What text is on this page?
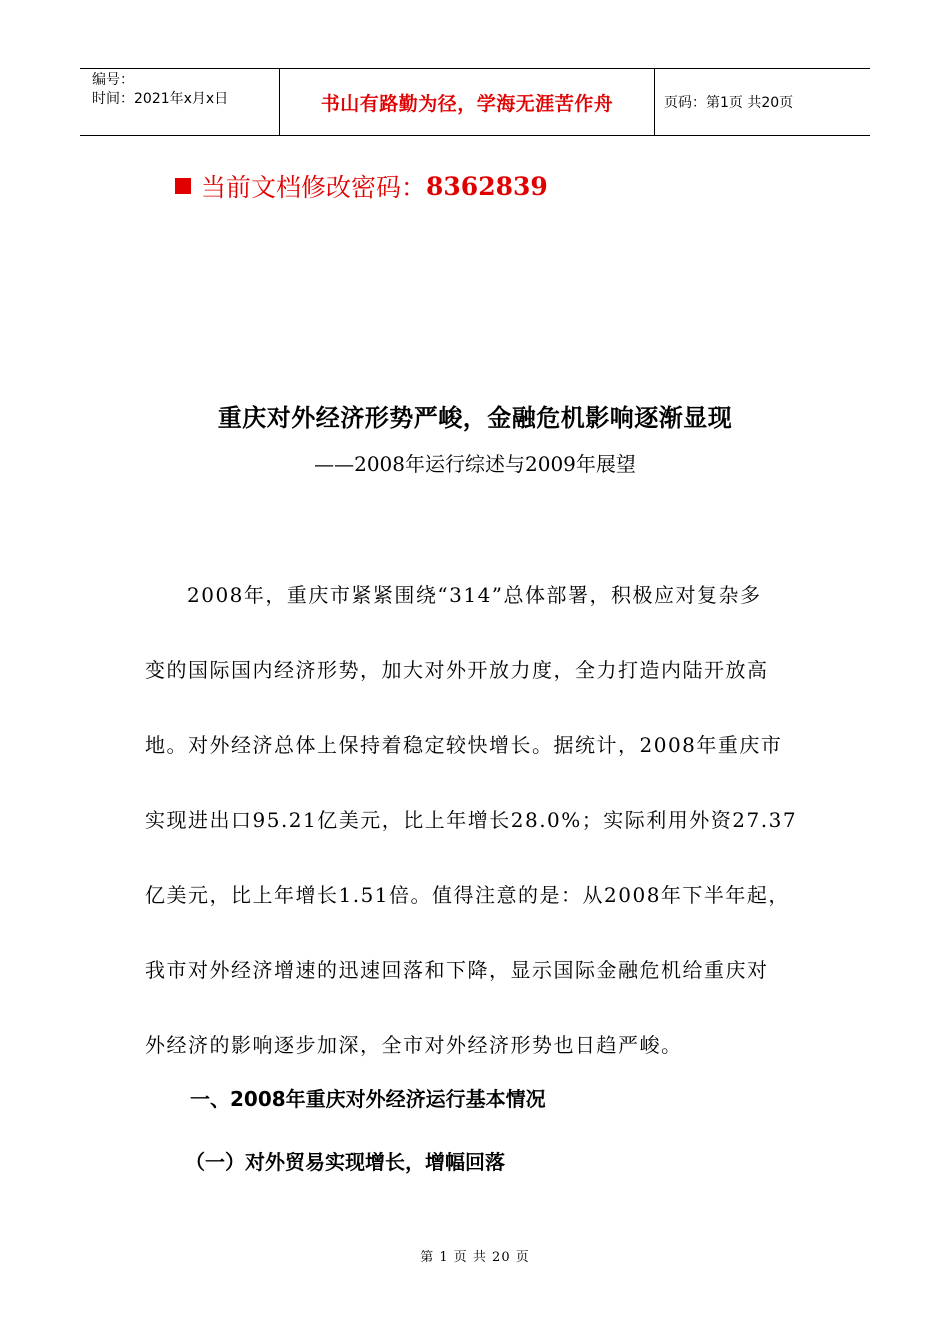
编号：
时间：2021年x月x日	书山有路勤为径，学海无涯苦作舟	页码：第1页 共20页
当前文档修改密码： 8362839
重庆对外经济形势严峻，金融危机影响逐渐显现
——2008年运行综述与2009年展望
2008年，重庆市紧紧围绕“314”总体部署，积极应对复杂多
变的国际国内经济形势，加大对外开放力度，全力打造内陆开放高
地。对外经济总体上保持着稳定较快增长。据统计，2008年重庆市
实现进出口95.21亿美元，比上年增长28.0%；实际利用外资27.37
亿美元，比上年增长1.51倍。值得注意的是：从2008年下半年起，
我市对外经济增速的迅速回落和下降，显示国际金融危机给重庆对
外经济的影响逐步加深，全市对外经济形势也日趋严峻。
一、2008年重庆对外经济运行基本情况
（一）对外贸易实现增长，增幅回落
第 1 页 共 20 页
